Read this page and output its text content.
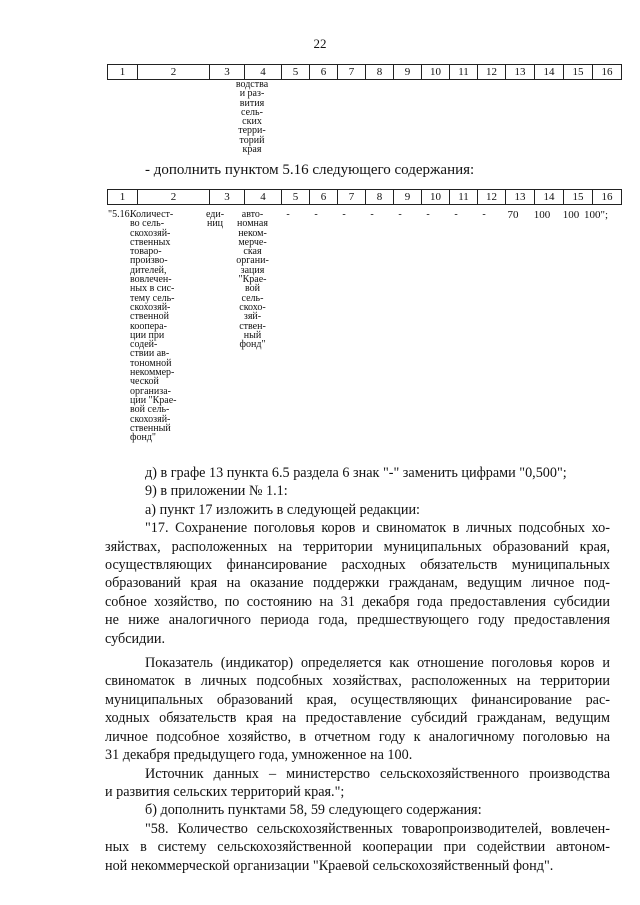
22
1	2	3	4	5	6	7	8	9	10	11	12	13	14	15	16
водства
и раз-
вития
сель-
ских
терри-
торий
края
- дополнить пунктом 5.16 следующего содержания:
1	2	3	4	5	6	7	8	9	10	11	12	13	14	15	16
"5.16.
Количест-
во сель-
скохозяй-
ственных
товаро-
произво-
дителей,
вовлечен-
ных в сис-
тему сель-
скохозяй-
ственной
коопера-
ции при
содей-
ствии ав-
тономной
некоммер-
ческой
организа-
ции "Крае-
вой сель-
скохозяй-
ственный
фонд"
еди-
ниц
авто-
номная
неком-
мерче-
ская
органи-
зация
"Крае-
вой
сель-
скохо-
зяй-
ствен-
ный
фонд"
-	-	-	-	-	-	-	-	70	100	100 100";
д) в графе 13 пункта 6.5 раздела 6 знак "-" заменить цифрами "0,500";
9) в приложении № 1.1:
а) пункт 17 изложить в следующей редакции:
"17. Сохранение поголовья коров и свиноматок в личных подсобных хо-
зяйствах, расположенных на территории муниципальных образований края,
осуществляющих финансирование расходных обязательств муниципальных
образований края на оказание поддержки гражданам, ведущим личное под-
собное хозяйство, по состоянию на 31 декабря года предоставления субсидии
не ниже аналогичного периода года, предшествующего году предоставления
субсидии.
Показатель (индикатор) определяется как отношение поголовья коров и
свиноматок в личных подсобных хозяйствах, расположенных на территории
муниципальных образований края, осуществляющих финансирование рас-
ходных обязательств края на предоставление субсидий гражданам, ведущим
личное подсобное хозяйство, в отчетном году к аналогичному поголовью на
31 декабря предыдущего года, умноженное на 100.
Источник данных – министерство сельскохозяйственного производства
и развития сельских территорий края.";
б) дополнить пунктами 58, 59 следующего содержания:
"58. Количество сельскохозяйственных товаропроизводителей, вовлечен-
ных в систему сельскохозяйственной кооперации при содействии автоном-
ной некоммерческой организации "Краевой сельскохозяйственный фонд".
